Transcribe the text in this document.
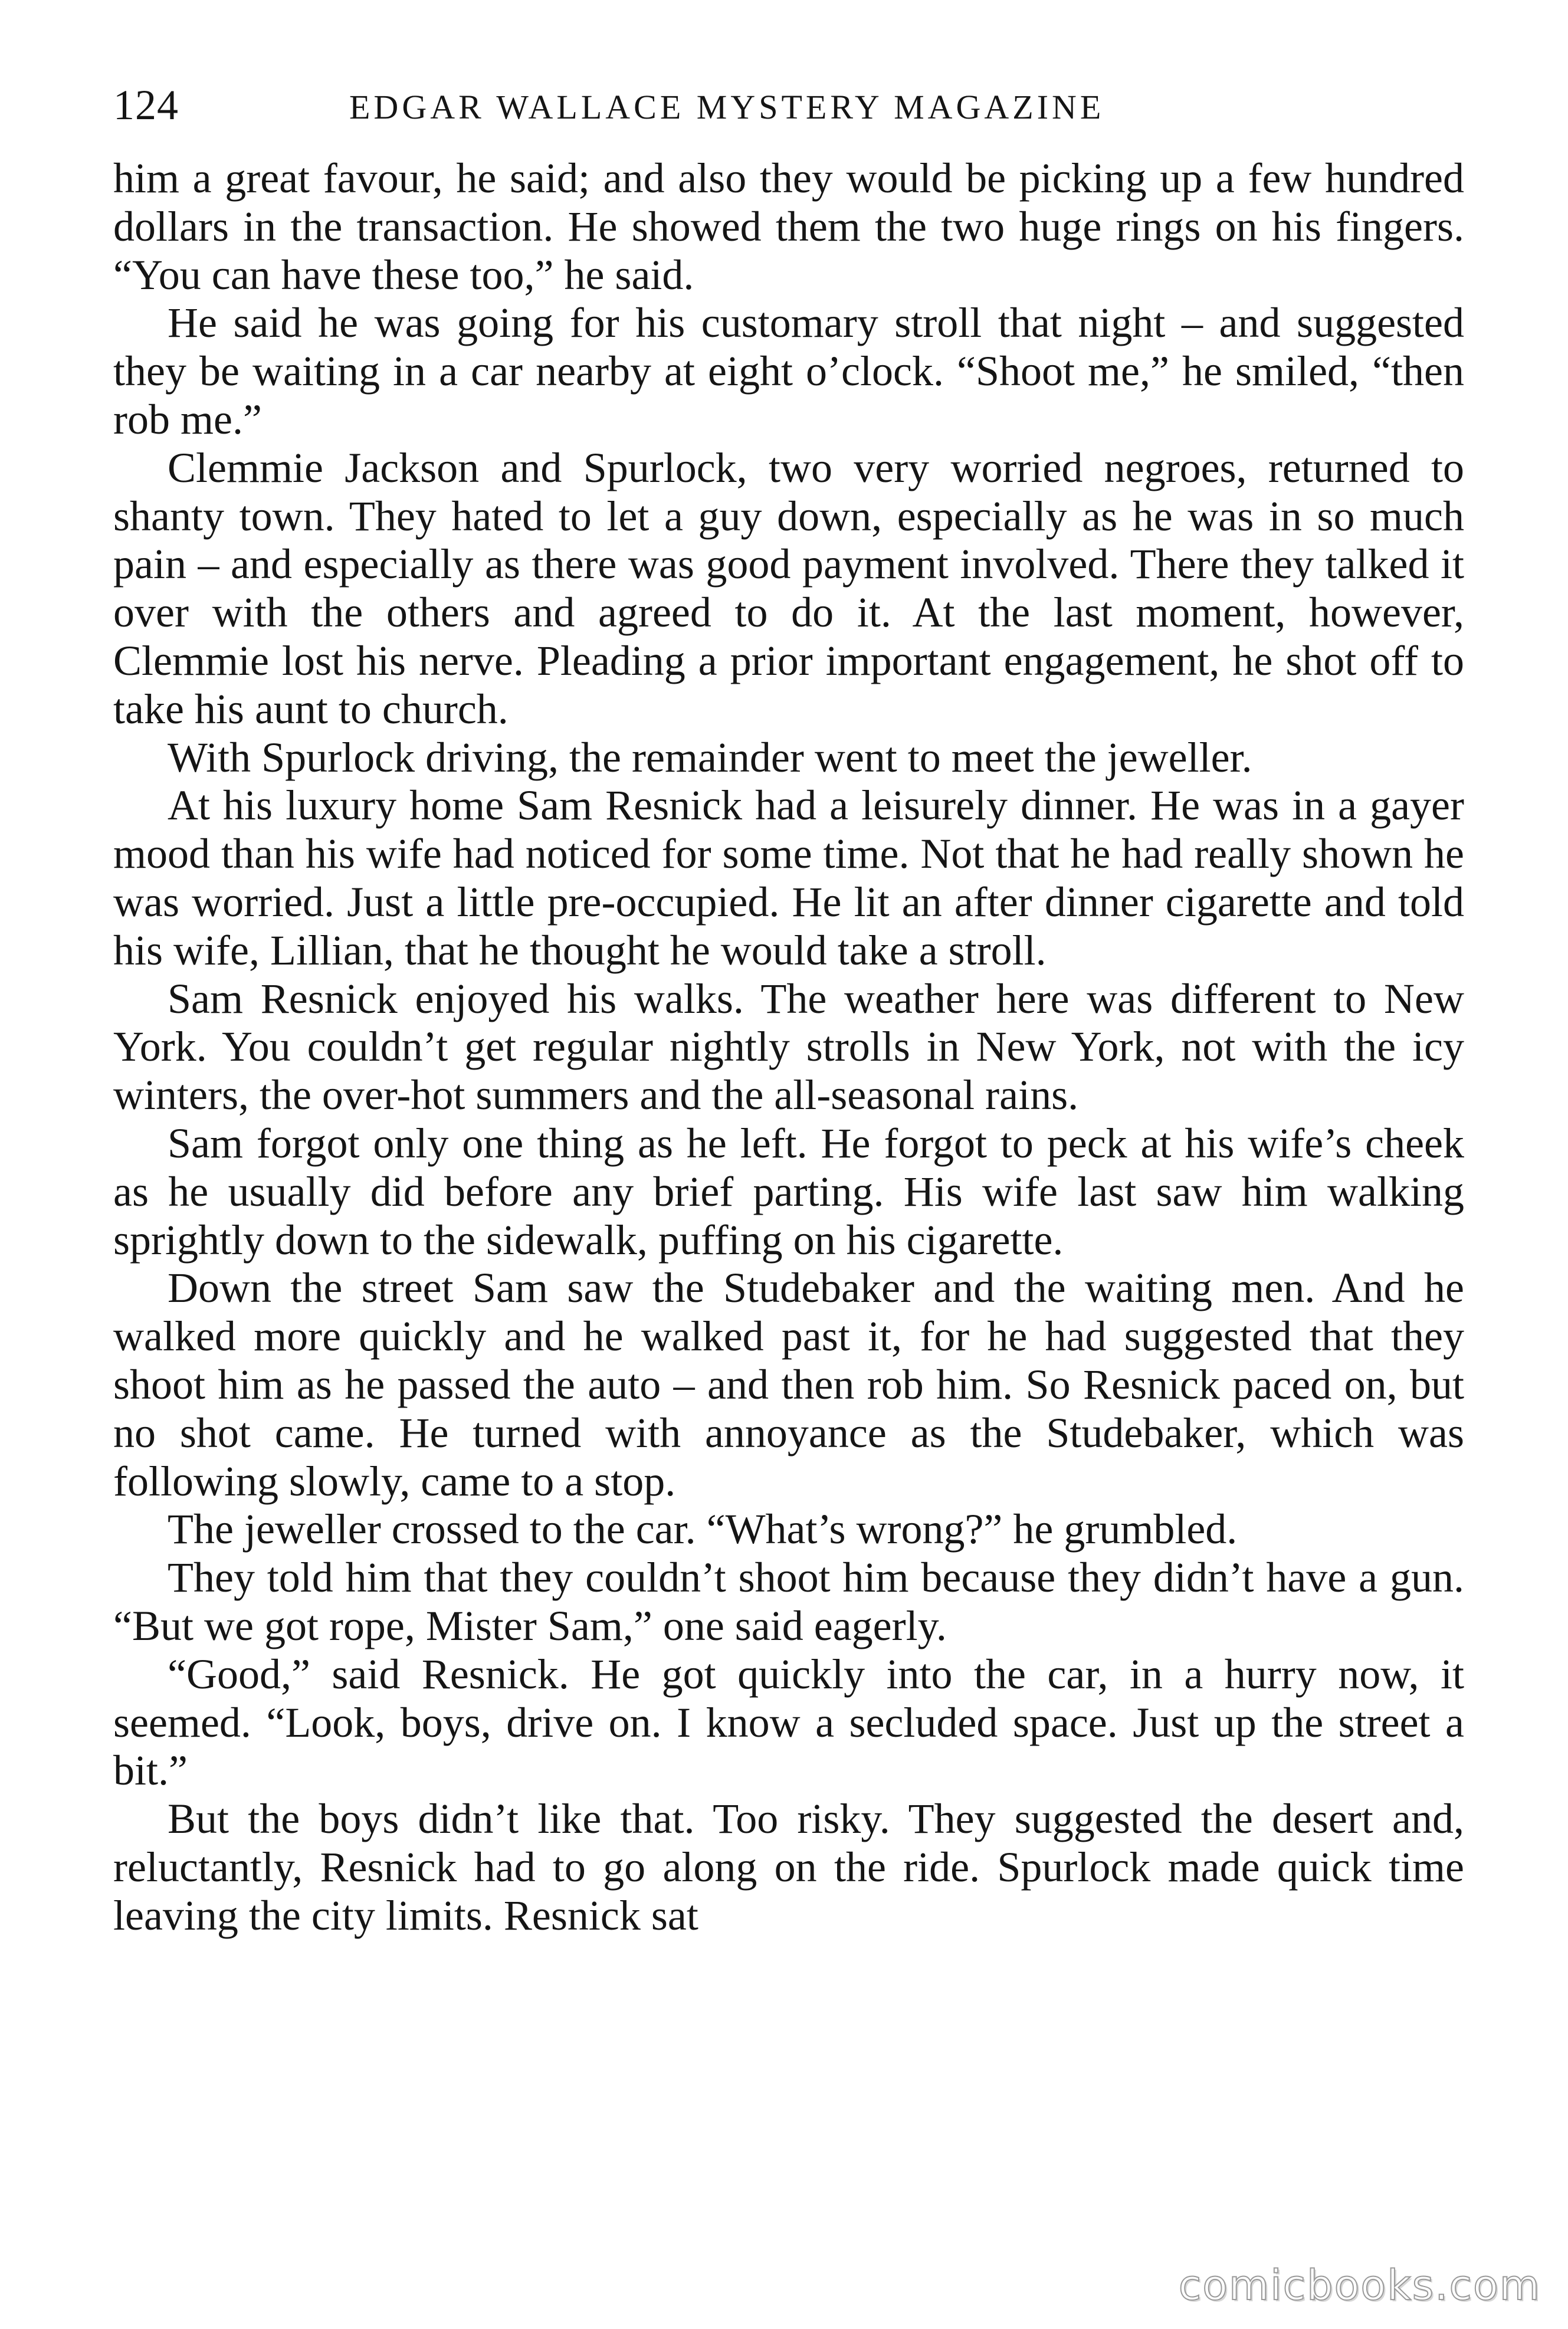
124	EDGAR WALLACE MYSTERY MAGAZINE

him a great favour, he said; and also they would be picking up a few hundred dollars in the transaction. He showed them the two huge rings on his fingers. “You can have these too,” he said.

He said he was going for his customary stroll that night – and suggested they be waiting in a car nearby at eight o’clock. “Shoot me,” he smiled, “then rob me.”

Clemmie Jackson and Spurlock, two very worried negroes, returned to shanty town. They hated to let a guy down, especially as he was in so much pain – and especially as there was good payment involved. There they talked it over with the others and agreed to do it. At the last moment, however, Clemmie lost his nerve. Pleading a prior important engagement, he shot off to take his aunt to church.

With Spurlock driving, the remainder went to meet the jeweller.

At his luxury home Sam Resnick had a leisurely dinner. He was in a gayer mood than his wife had noticed for some time. Not that he had really shown he was worried. Just a little pre-occupied. He lit an after dinner cigarette and told his wife, Lillian, that he thought he would take a stroll.

Sam Resnick enjoyed his walks. The weather here was different to New York. You couldn’t get regular nightly strolls in New York, not with the icy winters, the over-hot summers and the all-seasonal rains.

Sam forgot only one thing as he left. He forgot to peck at his wife’s cheek as he usually did before any brief parting. His wife last saw him walking sprightly down to the sidewalk, puffing on his cigarette.

Down the street Sam saw the Studebaker and the waiting men. And he walked more quickly and he walked past it, for he had suggested that they shoot him as he passed the auto – and then rob him. So Resnick paced on, but no shot came. He turned with annoyance as the Studebaker, which was following slowly, came to a stop.

The jeweller crossed to the car. “What’s wrong?” he grumbled.

They told him that they couldn’t shoot him because they didn’t have a gun. “But we got rope, Mister Sam,” one said eagerly.

“Good,” said Resnick. He got quickly into the car, in a hurry now, it seemed. “Look, boys, drive on. I know a secluded space. Just up the street a bit.”

But the boys didn’t like that. Too risky. They suggested the desert and, reluctantly, Resnick had to go along on the ride. Spurlock made quick time leaving the city limits. Resnick sat

comicbooks.com
